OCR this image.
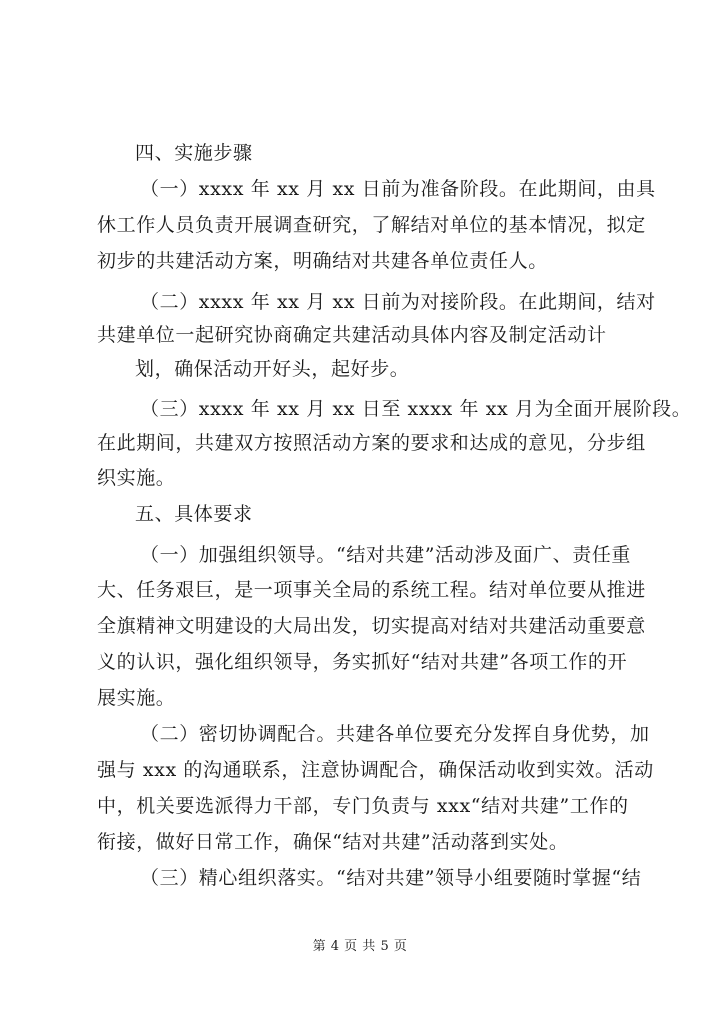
四、实施步骤
（一）xxxx 年 xx 月 xx 日前为准备阶段。在此期间，由具
休工作人员负责开展调查研究，了解结对单位的基本情况，拟定
初步的共建活动方案，明确结对共建各单位责任人。
（二）xxxx 年 xx 月 xx 日前为对接阶段。在此期间，结对
共建单位一起研究协商确定共建活动具体内容及制定活动计
划，确保活动开好头，起好步。
（三）xxxx 年 xx 月 xx 日至 xxxx 年 xx 月为全面开展阶段。
在此期间，共建双方按照活动方案的要求和达成的意见，分步组
织实施。
五、具体要求
（一）加强组织领导。“结对共建”活动涉及面广、责任重
大、任务艰巨，是一项事关全局的系统工程。结对单位要从推进
全旗精神文明建设的大局出发，切实提高对结对共建活动重要意
义的认识，强化组织领导，务实抓好“结对共建”各项工作的开
展实施。
（二）密切协调配合。共建各单位要充分发挥自身优势，加
强与 xxx 的沟通联系，注意协调配合，确保活动收到实效。活动
中，机关要选派得力干部，专门负责与 xxx“结对共建”工作的
衔接，做好日常工作，确保“结对共建”活动落到实处。
（三）精心组织落实。“结对共建”领导小组要随时掌握“结
第 4 页 共 5 页
